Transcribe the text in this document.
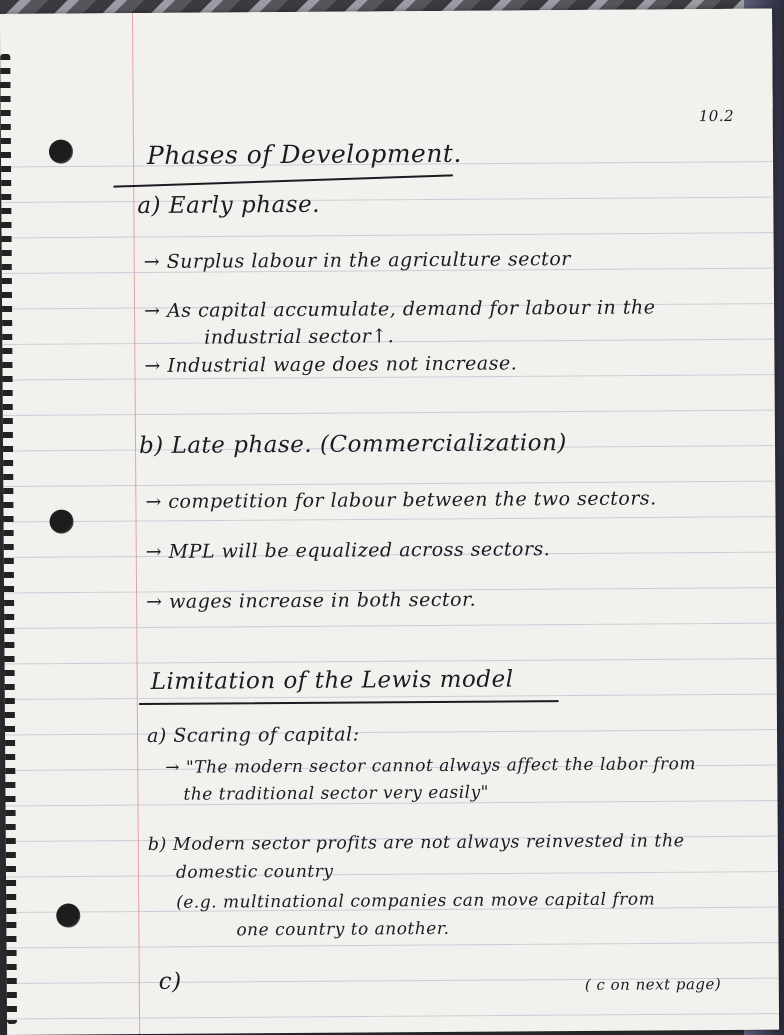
10.2
Phases of Development.
a) Early phase.
→ Surplus labour in the agriculture sector
→ As capital accumulate, demand for labour in the
industrial sector↑.
→ Industrial wage does not increase.
b) Late phase. (Commercialization)
→ competition for labour between the two sectors.
→ MPL will be equalized across sectors.
→ wages increase in both sector.
Limitation of the Lewis model
a) Scaring of capital:
→ "The modern sector cannot always affect the labor from
the traditional sector very easily"
b) Modern sector profits are not always reinvested in the
domestic country
(e.g. multinational companies can move capital from
one country to another.
c)	( c on next page)
